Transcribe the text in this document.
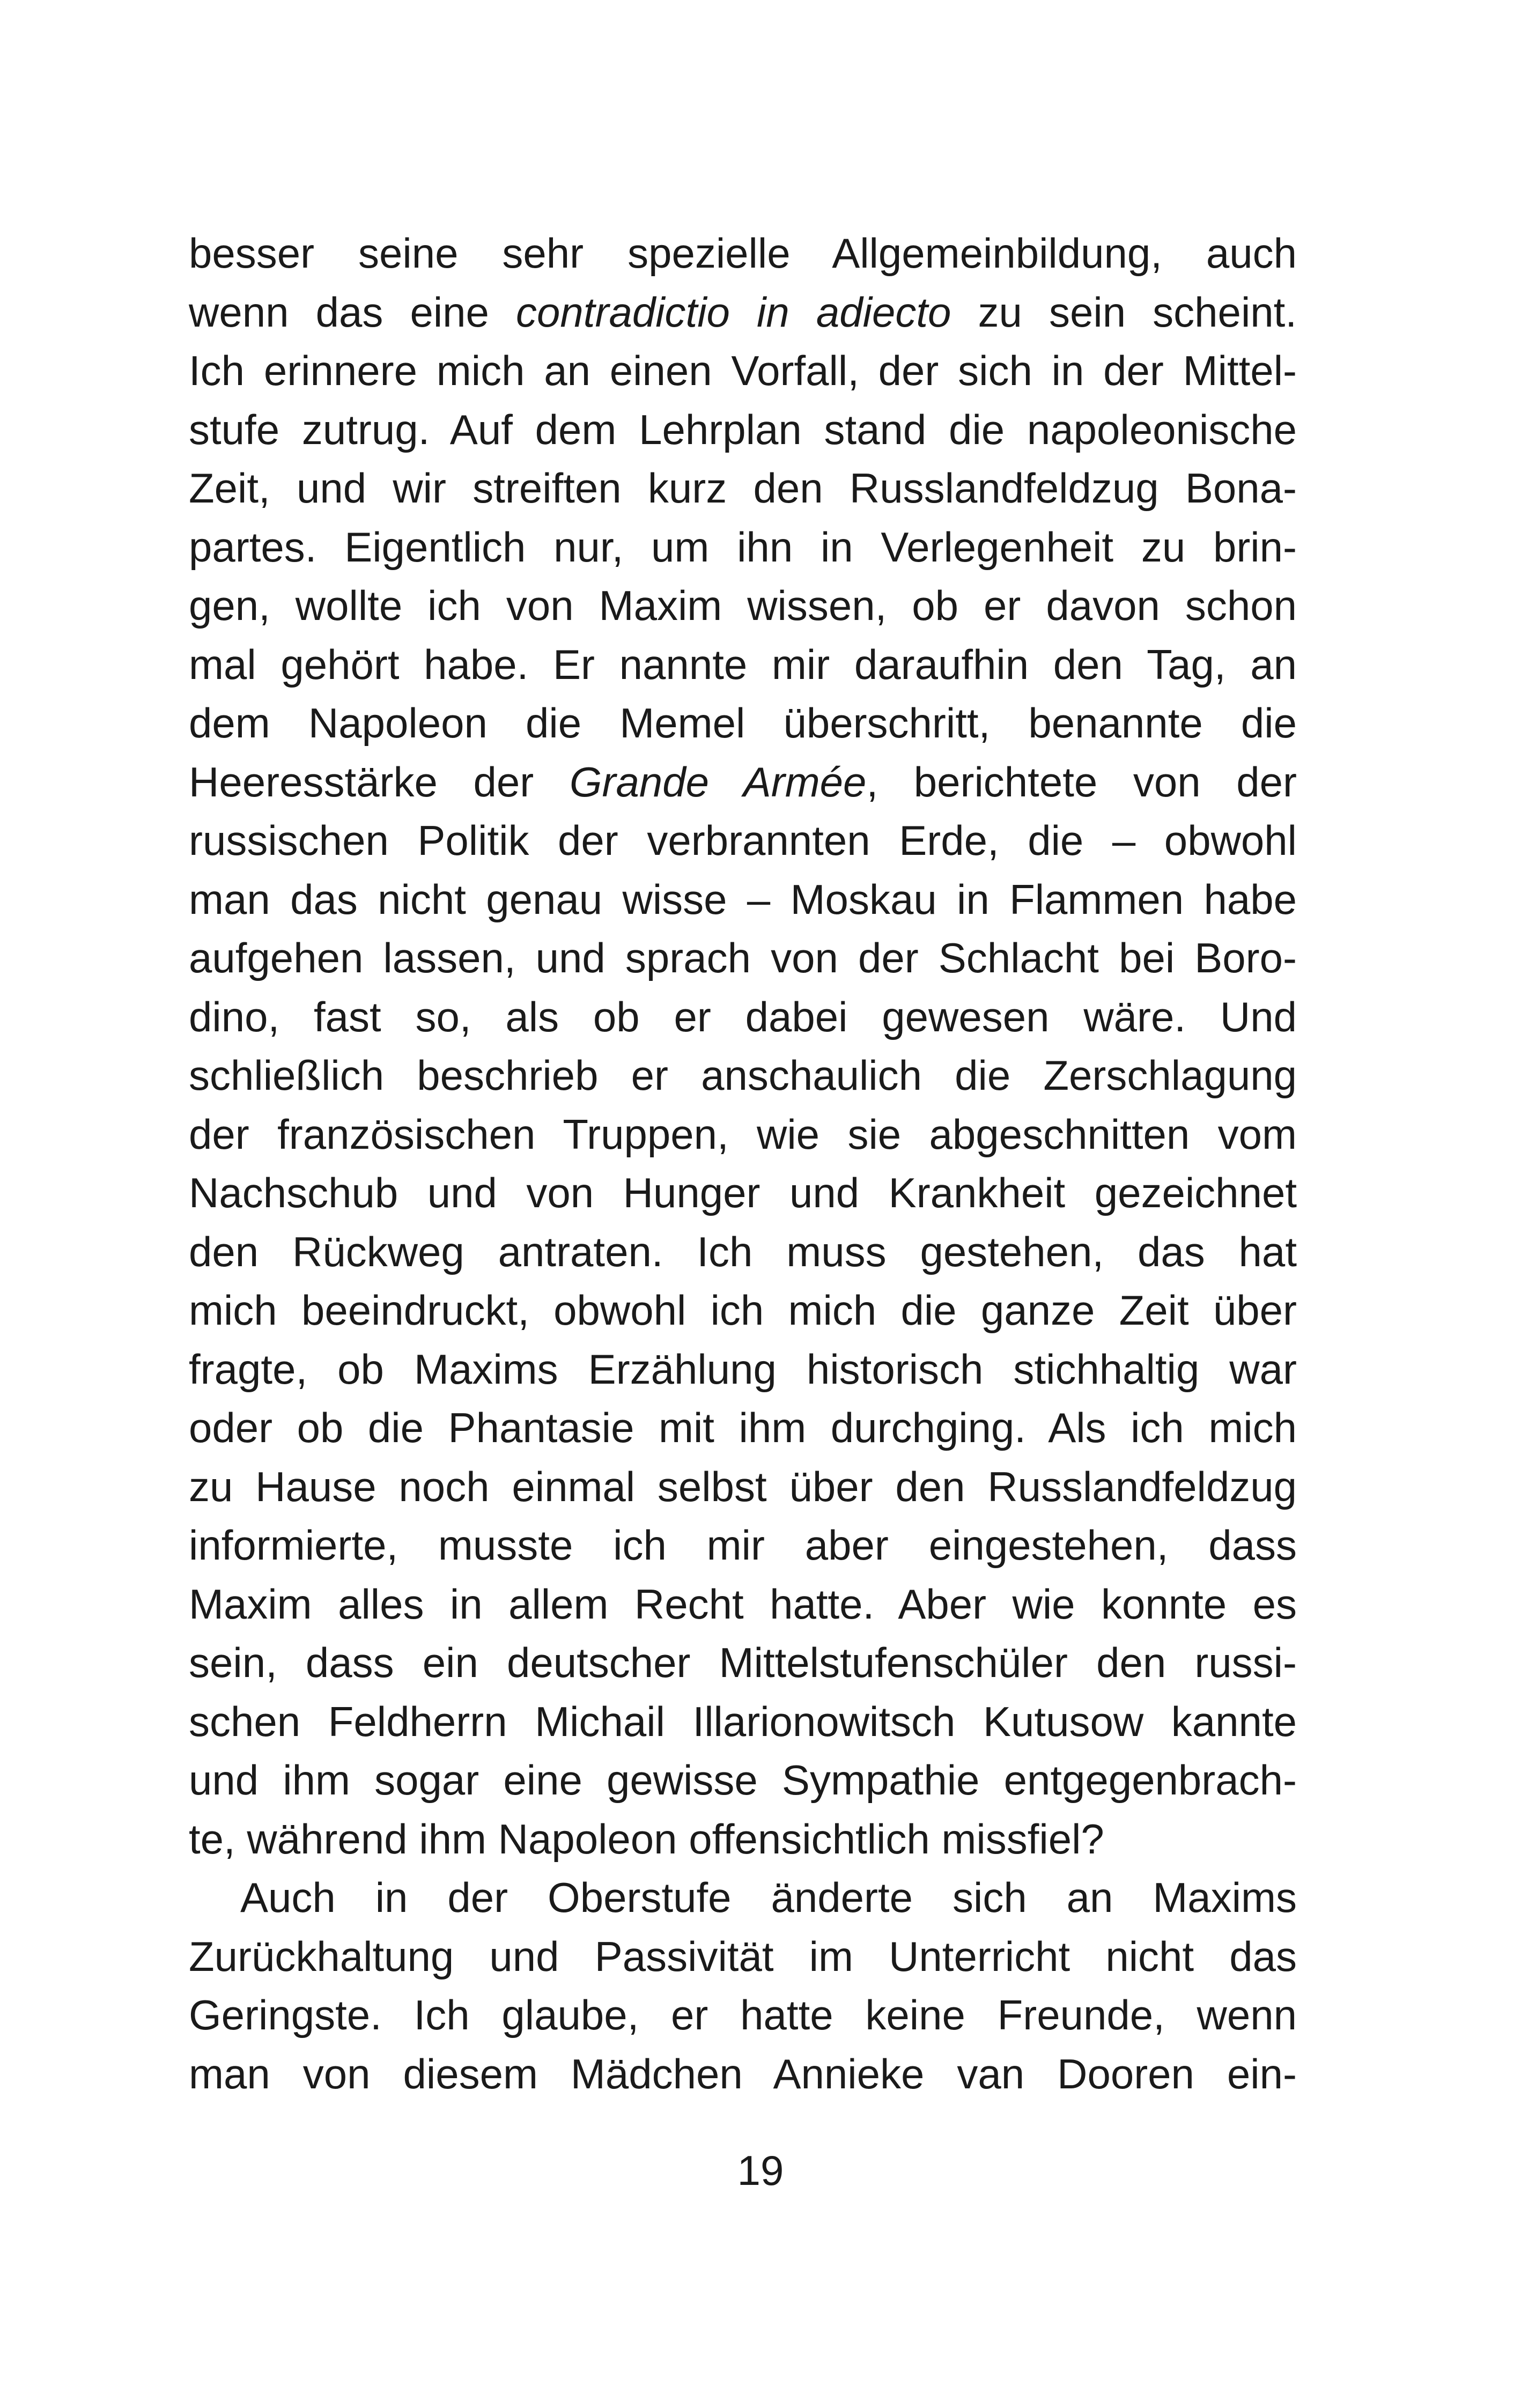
besser seine sehr spezielle Allgemeinbildung, auch
wenn das eine contradictio in adiecto zu sein scheint.
Ich erinnere mich an einen Vorfall, der sich in der Mittel-
stufe zutrug. Auf dem Lehrplan stand die napoleonische
Zeit, und wir streiften kurz den Russlandfeldzug Bona-
partes. Eigentlich nur, um ihn in Verlegenheit zu brin-
gen, wollte ich von Maxim wissen, ob er davon schon
mal gehört habe. Er nannte mir daraufhin den Tag, an
dem Napoleon die Memel überschritt, benannte die
Heeresstärke der Grande Armée, berichtete von der
russischen Politik der verbrannten Erde, die – obwohl
man das nicht genau wisse – Moskau in Flammen habe
aufgehen lassen, und sprach von der Schlacht bei Boro-
dino, fast so, als ob er dabei gewesen wäre. Und
schließlich beschrieb er anschaulich die Zerschlagung
der französischen Truppen, wie sie abgeschnitten vom
Nachschub und von Hunger und Krankheit gezeichnet
den Rückweg antraten. Ich muss gestehen, das hat
mich beeindruckt, obwohl ich mich die ganze Zeit über
fragte, ob Maxims Erzählung historisch stichhaltig war
oder ob die Phantasie mit ihm durchging. Als ich mich
zu Hause noch einmal selbst über den Russlandfeldzug
informierte, musste ich mir aber eingestehen, dass
Maxim alles in allem Recht hatte. Aber wie konnte es
sein, dass ein deutscher Mittelstufenschüler den russi-
schen Feldherrn Michail Illarionowitsch Kutusow kannte
und ihm sogar eine gewisse Sympathie entgegenbrach-
te, während ihm Napoleon offensichtlich missfiel?
Auch in der Oberstufe änderte sich an Maxims
Zurückhaltung und Passivität im Unterricht nicht das
Geringste. Ich glaube, er hatte keine Freunde, wenn
man von diesem Mädchen Annieke van Dooren ein-
19
